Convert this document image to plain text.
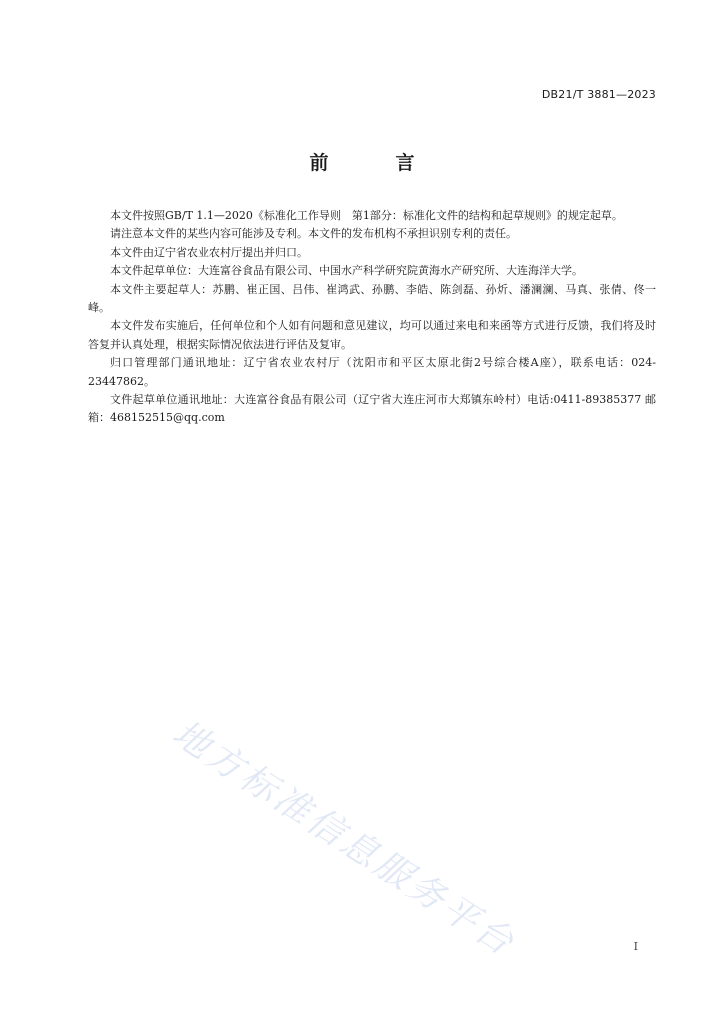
DB21/T 3881—2023
前　言

本文件按照GB/T 1.1—2020《标准化工作导则　第1部分：标准化文件的结构和起草规则》的规定起草。

请注意本文件的某些内容可能涉及专利。本文件的发布机构不承担识别专利的责任。

本文件由辽宁省农业农村厅提出并归口。

本文件起草单位：大连富谷食品有限公司、中国水产科学研究院黄海水产研究所、大连海洋大学。

本文件主要起草人：苏鹏、崔正国、吕伟、崔鸿武、孙鹏、李皓、陈剑磊、孙炘、潘澜澜、马真、张倩、佟一峰。

本文件发布实施后，任何单位和个人如有问题和意见建议，均可以通过来电和来函等方式进行反馈，我们将及时答复并认真处理，根据实际情况依法进行评估及复审。

归口管理部门通讯地址：辽宁省农业农村厅（沈阳市和平区太原北街2号综合楼A座），联系电话：024-23447862。

文件起草单位通讯地址：大连富谷食品有限公司（辽宁省大连庄河市大郑镇东岭村）电话:0411-89385377 邮箱：468152515@qq.com

地方标准信息服务平台	I
